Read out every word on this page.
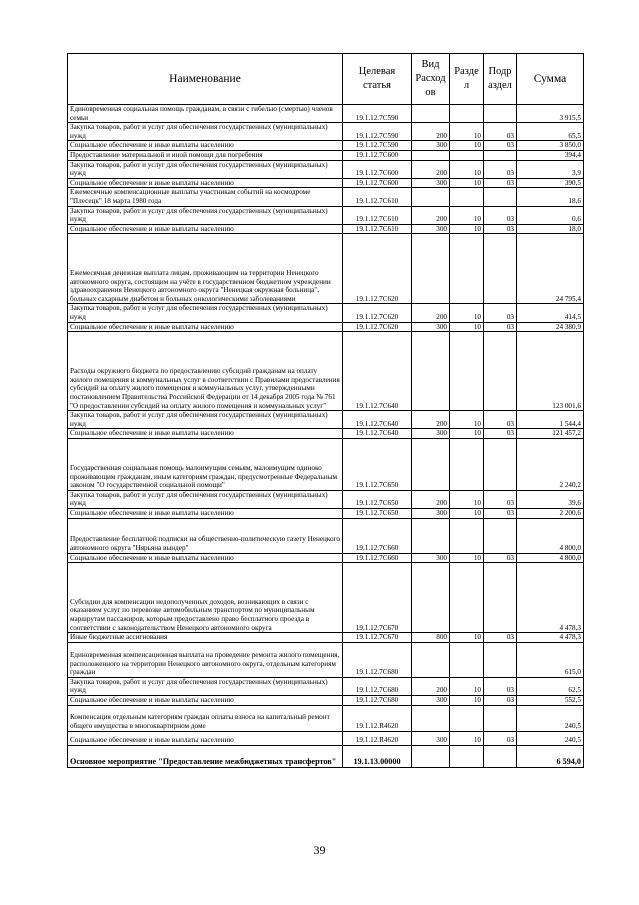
Наименование	Целевая статья	Вид Расход ов	Разде л	Подр аздел	Сумма
Единовременная социальная помощь гражданам, в связи с гибелью (смертью) членов семьи	19.1.12.7С590				3 915,5
Закупка товаров, работ и услуг для обеспечения государственных (муниципальных) нужд	19.1.12.7С590	200	10	03	65,5
Социальное обеспечение и иные выплаты населению	19.1.12.7С590	300	10	03	3 850,0
Предоставление материальной и иной помощи для погребения	19.1.12.7С600				394,4
Закупка товаров, работ и услуг для обеспечения государственных (муниципальных) нужд	19.1.12.7С600	200	10	03	3,9
Социальное обеспечение и иные выплаты населению	19.1.12.7С600	300	10	03	390,5
Ежемесячные компенсационные выплаты участникам событий на космодроме "Плесецк" 18 марта 1980 года	19.1.12.7С610				18,6
Закупка товаров, работ и услуг для обеспечения государственных (муниципальных) нужд	19.1.12.7С610	200	10	03	0,6
Социальное обеспечение и иные выплаты населению	19.1.12.7С610	300	10	03	18,0
Ежемесячная денежная выплата лицам, проживающим на территории Ненецкого автономного округа, состоящим на учёте в государственном бюджетном учреждении здравоохранения Ненецкого автономного округа "Ненецкая окружная больница", больных сахарным диабетом и больных онкологическими заболеваниями	19.1.12.7С620				24 795,4
Закупка товаров, работ и услуг для обеспечения государственных (муниципальных) нужд	19.1.12.7С620	200	10	03	414,5
Социальное обеспечение и иные выплаты населению	19.1.12.7С620	300	10	03	24 380,9
Расходы окружного бюджета по предоставлению субсидий гражданам на оплату жилого помещения и коммунальных услуг в соответствии с Правилами предоставления субсидий на оплату жилого помещения и коммунальных услуг, утвержденными постановлением Правительства Российской Федерации от 14 декабря 2005 года № 761 "О предоставлении субсидий на оплату жилого помещения и коммунальных услуг"	19.1.12.7С640				123 001,6
Закупка товаров, работ и услуг для обеспечения государственных (муниципальных) нужд	19.1.12.7С640	200	10	03	1 544,4
Социальное обеспечение и иные выплаты населению	19.1.12.7С640	300	10	03	121 457,2
Государственная социальная помощь малоимущим семьям, малоимущим одиноко проживающим гражданам, иным категориям граждан, предусмотренные Федеральным законом "О государственной социальной помощи"	19.1.12.7С650				2 240,2
Закупка товаров, работ и услуг для обеспечения государственных (муниципальных) нужд	19.1.12.7С650	200	10	03	39,6
Социальное обеспечение и иные выплаты населению	19.1.12.7С650	300	10	03	2 200,6
Предоставление бесплатной подписки на общественно-политическую газету Ненецкого автономного округа "Нярьяна вындер"	19.1.12.7С660				4 800,0
Социальное обеспечение и иные выплаты населению	19.1.12.7С660	300	10	03	4 800,0
Субсидии для компенсации недополученных доходов, возникающих в связи с оказанием услуг по перевозке автомобильным транспортом по муниципальным маршрутам пассажиров, которым предоставлено право бесплатного проезда в соответствии с законодательством Ненецкого автономного округа	19.1.12.7С670				4 478,3
Иные бюджетные ассигнования	19.1.12.7С670	800	10	03	4 478,3
Единовременная компенсационная выплата на проведение ремонта жилого помещения, расположенного на территории Ненецкого автономного округа, отдельным категориям граждан	19.1.12.7С680				615,0
Закупка товаров, работ и услуг для обеспечения государственных (муниципальных) нужд	19.1.12.7С680	200	10	03	62,5
Социальное обеспечение и иные выплаты населению	19.1.12.7С680	300	10	03	552,5
Компенсация отдельным категориям граждан оплаты взноса на капитальный ремонт общего имущества в многоквартирном доме	19.1.12.R4620				240,5
Социальное обеспечение и иные выплаты населению	19.1.12.R4620	300	10	03	240,5
Основное мероприятие "Предоставление межбюджетных трансфертов"	19.1.13.00000				6 594,0
39
